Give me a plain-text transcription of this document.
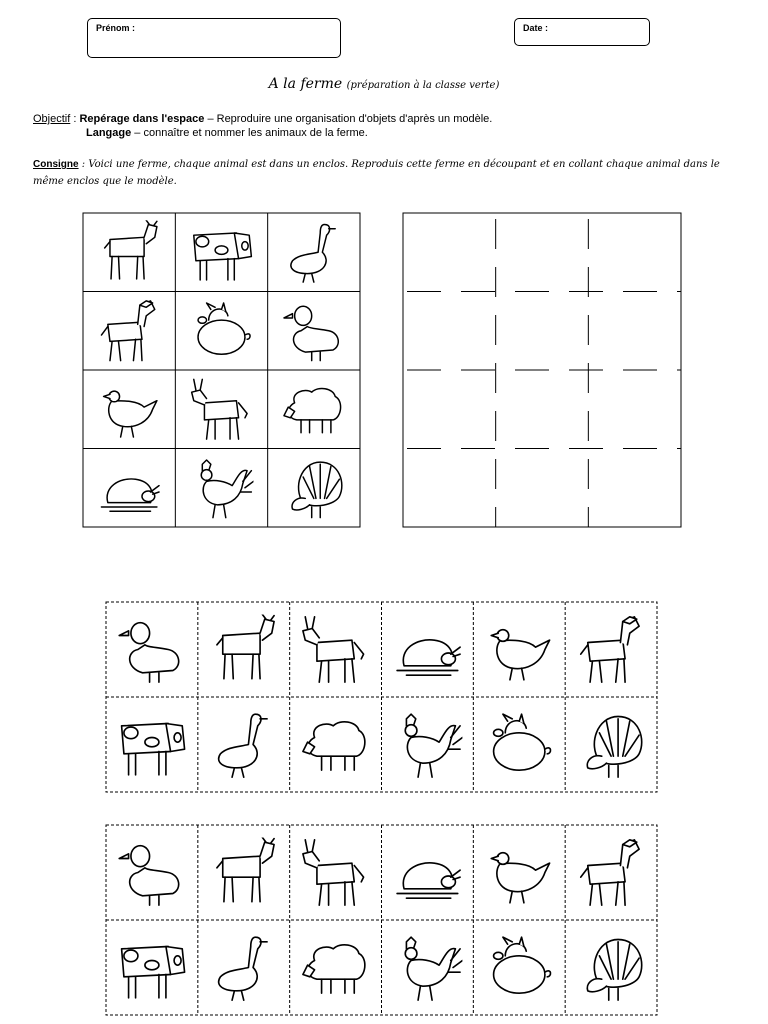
Prénom :	Date :
A la ferme (préparation à la classe verte)
Objectif : Repérage dans l'espace – Reproduire une organisation d'objets d'après un modèle.
Langage – connaître et nommer les animaux de la ferme.
Consigne : Voici une ferme, chaque animal est dans un enclos. Reproduis cette ferme en découpant et en collant chaque animal dans le même enclos que le modèle.
